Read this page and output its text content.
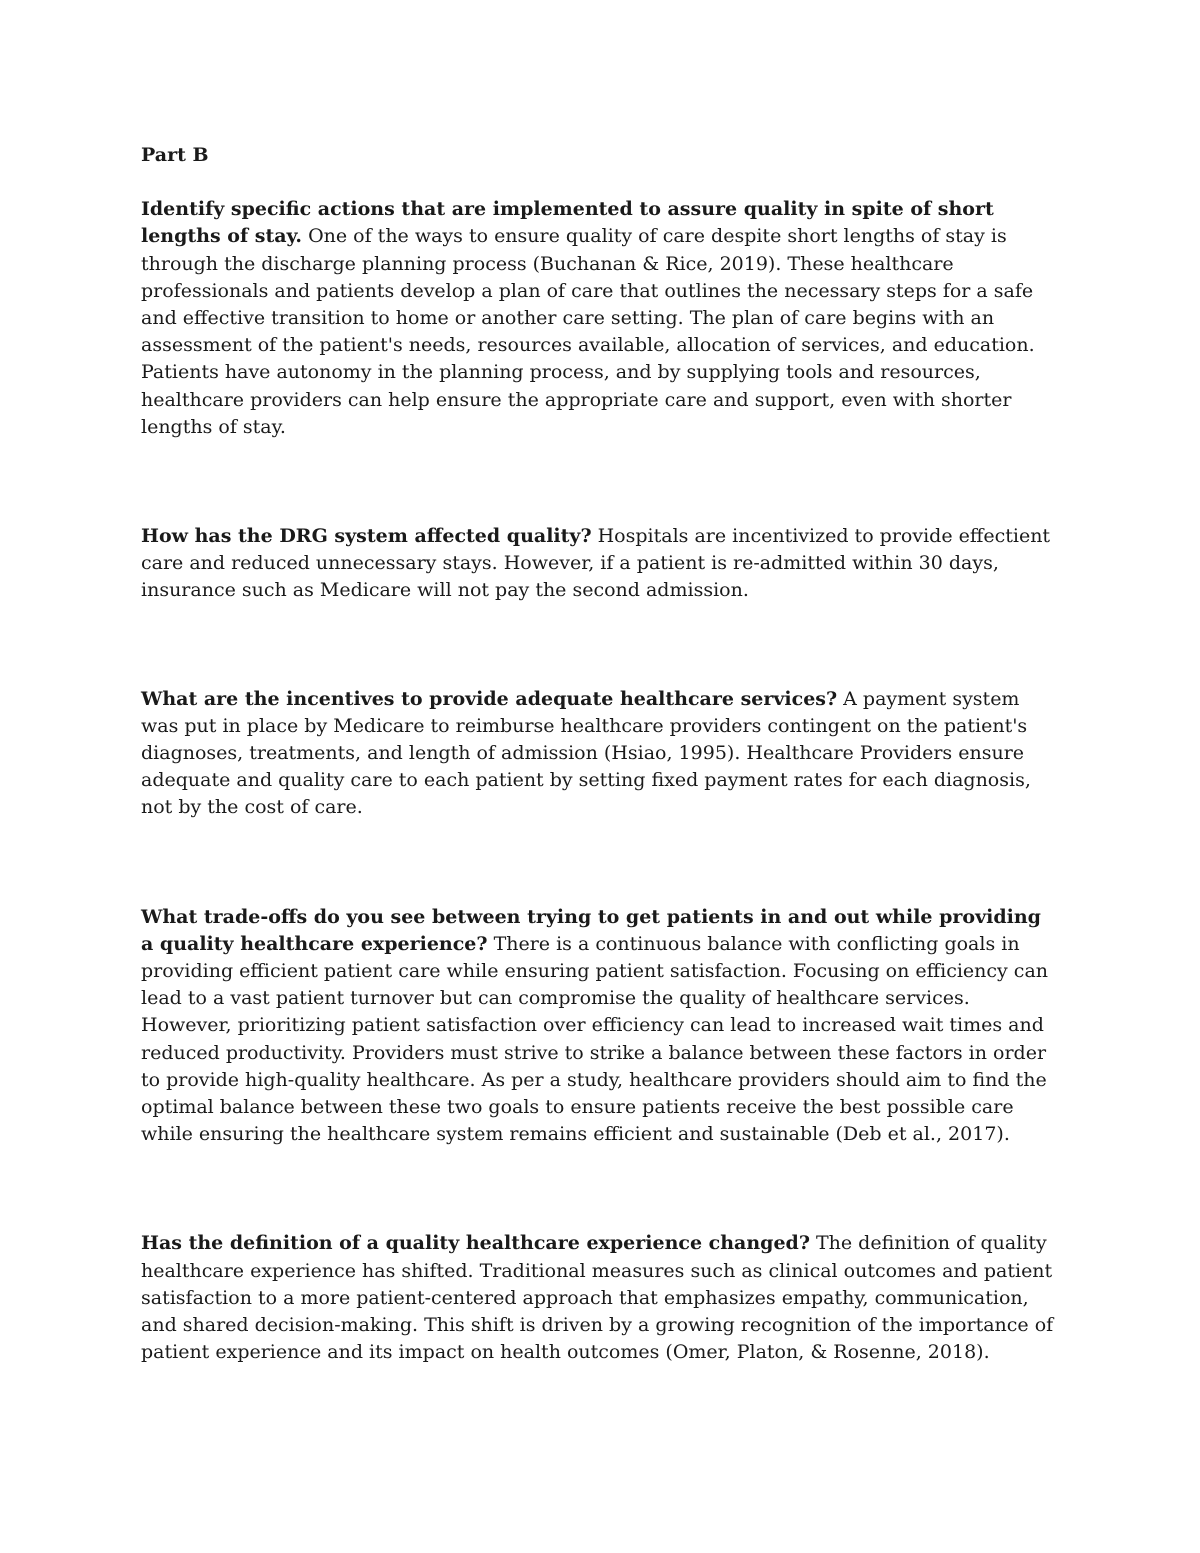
Part B

Identify specific actions that are implemented to assure quality in spite of short lengths of stay. One of the ways to ensure quality of care despite short lengths of stay is through the discharge planning process (Buchanan & Rice, 2019). These healthcare professionals and patients develop a plan of care that outlines the necessary steps for a safe and effective transition to home or another care setting. The plan of care begins with an assessment of the patient's needs, resources available, allocation of services, and education. Patients have autonomy in the planning process, and by supplying tools and resources, healthcare providers can help ensure the appropriate care and support, even with shorter lengths of stay.

How has the DRG system affected quality? Hospitals are incentivized to provide effectient care and reduced unnecessary stays. However, if a patient is re-admitted within 30 days, insurance such as Medicare will not pay the second admission.

What are the incentives to provide adequate healthcare services? A payment system was put in place by Medicare to reimburse healthcare providers contingent on the patient's diagnoses, treatments, and length of admission (Hsiao, 1995). Healthcare Providers ensure adequate and quality care to each patient by setting fixed payment rates for each diagnosis, not by the cost of care.

What trade-offs do you see between trying to get patients in and out while providing a quality healthcare experience? There is a continuous balance with conflicting goals in providing efficient patient care while ensuring patient satisfaction. Focusing on efficiency can lead to a vast patient turnover but can compromise the quality of healthcare services. However, prioritizing patient satisfaction over efficiency can lead to increased wait times and reduced productivity. Providers must strive to strike a balance between these factors in order to provide high-quality healthcare. As per a study, healthcare providers should aim to find the optimal balance between these two goals to ensure patients receive the best possible care while ensuring the healthcare system remains efficient and sustainable (Deb et al., 2017).

Has the definition of a quality healthcare experience changed? The definition of quality healthcare experience has shifted. Traditional measures such as clinical outcomes and patient satisfaction to a more patient-centered approach that emphasizes empathy, communication, and shared decision-making. This shift is driven by a growing recognition of the importance of patient experience and its impact on health outcomes (Omer, Platon, & Rosenne, 2018).
